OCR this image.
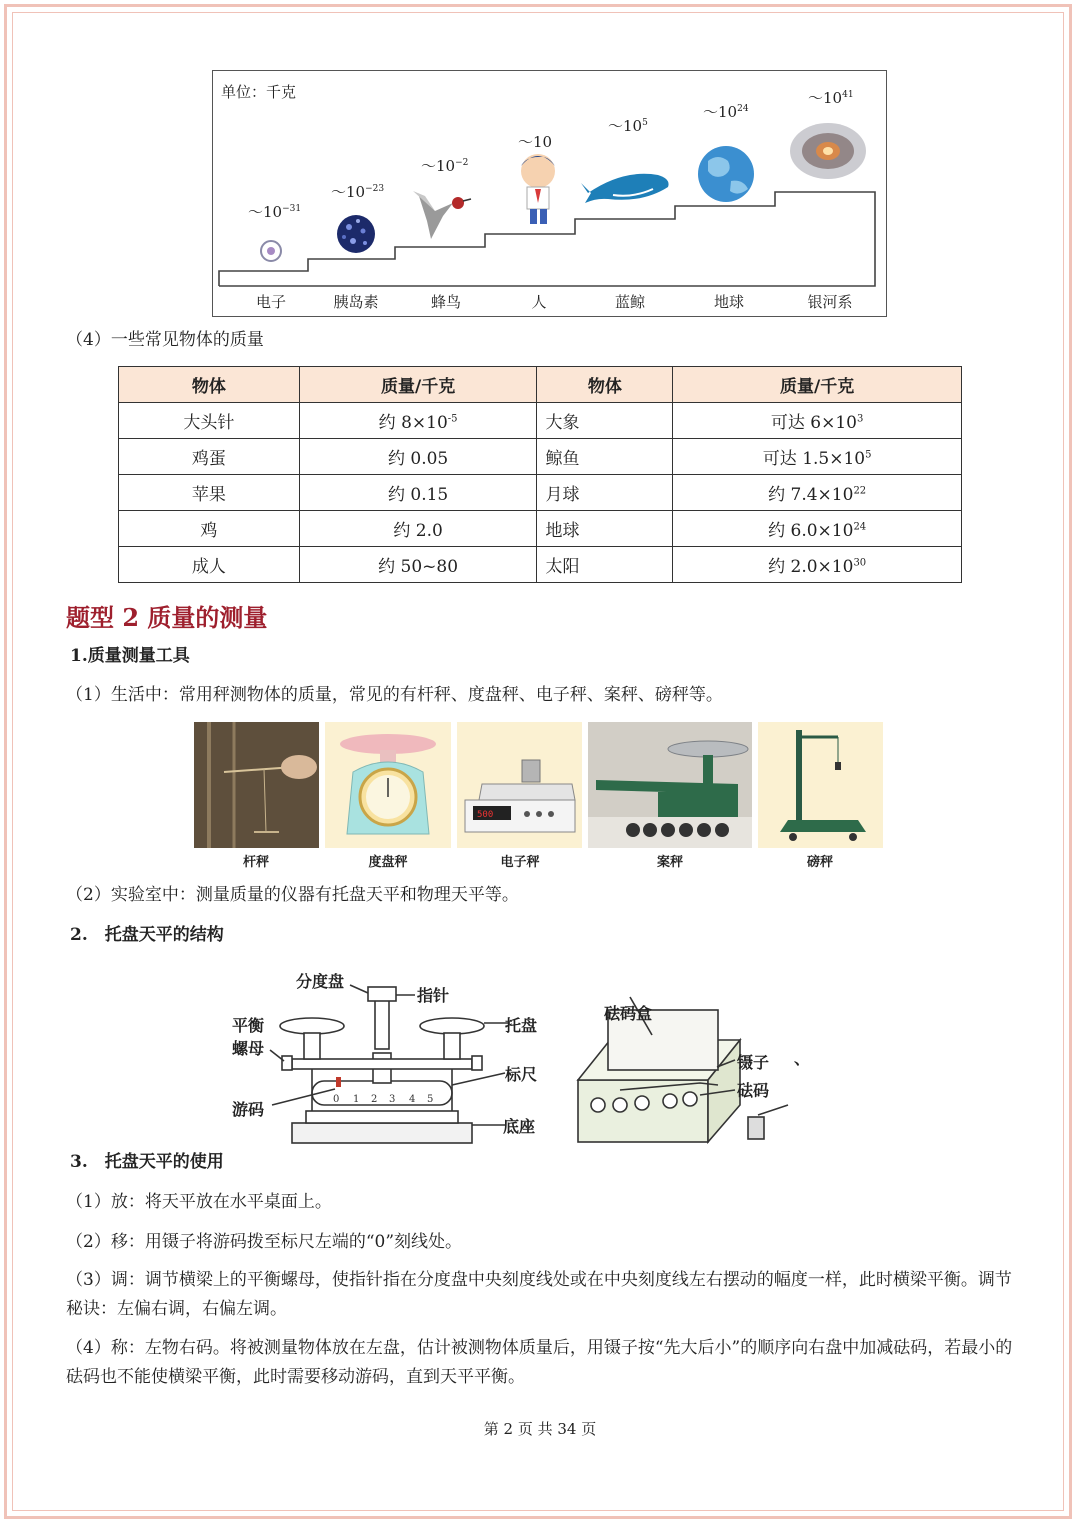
单位：千克
$\sim 10^{-31}$
$\sim 10^{-23}$
$\sim 10^{-2}$
～10
$\sim 10^5$
$\sim 10^{24}$
$\sim 10^{41}$
电子	胰岛素	蜂鸟	人	蓝鲸	地球	银河系
（4）一些常见物体的质量
物体	质量/千克	物体	质量/千克
大头针	约 $8\times 10^{-5}$	大象	可达 $6\times 10^3$
鸡蛋	约 0.05	鲸鱼	可达 $1.5\times 10^5$
苹果	约 0.15	月球	约 $7.4\times 10^{22}$
鸡	约 2.0	地球	约 $6.0\times 10^{24}$
成人	约 50~80	太阳	约 $2.0\times 10^{30}$
题型 2 质量的测量
1.质量测量工具
（1）生活中：常用秤测物体的质量，常见的有杆秤、度盘秤、电子秤、案秤、磅秤等。
500
杆秤	度盘秤	电子秤	案秤	磅秤
（2）实验室中：测量质量的仪器有托盘天平和物理天平等。
2.　托盘天平的结构
0 1 2 3 4 5
分度盘
指针
平衡
螺母
托盘
标尺
游码
底座
砝码盒
镊子 、
砝码
3.　托盘天平的使用
（1）放：将天平放在水平桌面上。
（2）移：用镊子将游码拨至标尺左端的“0”刻线处。
（3）调：调节横梁上的平衡螺母，使指针指在分度盘中央刻度线处或在中央刻度线左右摆动的幅度一样，此时横梁平衡。调节秘诀：左偏右调，右偏左调。
（4）称：左物右码。将被测量物体放在左盘，估计被测物体质量后，用镊子按“先大后小”的顺序向右盘中加减砝码，若最小的砝码也不能使横梁平衡，此时需要移动游码，直到天平平衡。
第 2 页 共 34 页
